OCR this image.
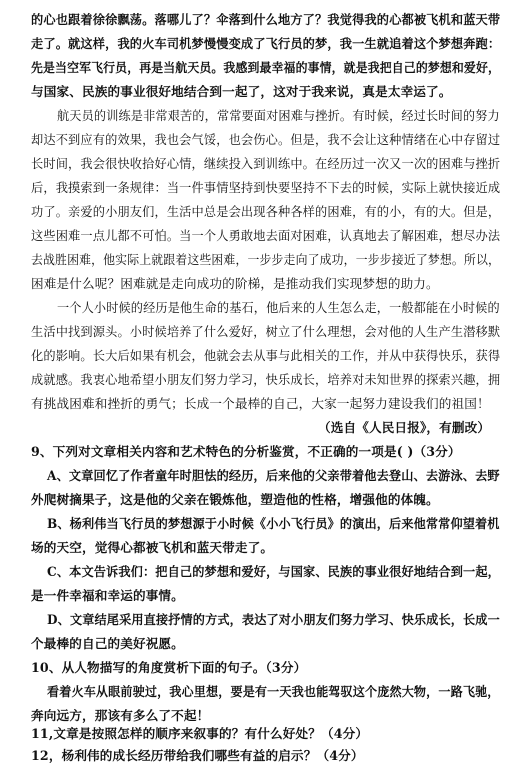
的心也跟着徐徐飘荡。落哪儿了？伞落到什么地方了？我觉得我的心都被飞机和蓝天带
走了。就这样，我的火车司机梦慢慢变成了飞行员的梦，我一生就追着这个梦想奔跑：
先是当空军飞行员，再是当航天员。我感到最幸福的事情，就是我把自己的梦想和爱好，
与国家、民族的事业很好地结合到一起了，这对于我来说，真是太幸运了。
航天员的训练是非常艰苦的，常常要面对困难与挫折。有时候，经过长时间的努力
却达不到应有的效果，我也会气馁，也会伤心。但是，我不会让这种情绪在心中存留过
长时间，我会很快收拾好心情，继续投入到训练中。在经历过一次又一次的困难与挫折
后，我摸索到一条规律：当一件事情坚持到快要坚持不下去的时候，实际上就快接近成
功了。亲爱的小朋友们，生活中总是会出现各种各样的困难，有的小，有的大。但是，
这些困难一点儿都不可怕。当一个人勇敢地去面对困难，认真地去了解困难，想尽办法
去战胜困难，他实际上就跟着这些困难，一步步走向了成功，一步步接近了梦想。所以，
困难是什么呢？困难就是走向成功的阶梯，是推动我们实现梦想的助力。
一个人小时候的经历是他生命的基石，他后来的人生怎么走，一般都能在小时候的
生活中找到源头。小时候培养了什么爱好，树立了什么理想，会对他的人生产生潜移默
化的影响。长大后如果有机会，他就会去从事与此相关的工作，并从中获得快乐，获得
成就感。我衷心地希望小朋友们努力学习，快乐成长，培养对未知世界的探索兴趣，拥
有挑战困难和挫折的勇气；长成一个最棒的自己，大家一起努力建设我们的祖国！
（选自《人民日报》，有删改）
9、下列对文章相关内容和艺术特色的分析鉴赏，不正确的一项是( )（3分）
A、文章回忆了作者童年时胆怯的经历，后来他的父亲带着他去登山、去游泳、去野
外爬树摘果子，这是他的父亲在锻炼他，塑造他的性格，增强他的体魄。
B、杨利伟当飞行员的梦想源于小时候《小小飞行员》的演出，后来他常常仰望着机
场的天空，觉得心都被飞机和蓝天带走了。
C、本文告诉我们：把自己的梦想和爱好，与国家、民族的事业很好地结合到一起，
是一件幸福和幸运的事情。
D、文章结尾采用直接抒情的方式，表达了对小朋友们努力学习、快乐成长，长成一
个最棒的自己的美好祝愿。
10、从人物描写的角度赏析下面的句子。（3分）
看着火车从眼前驶过，我心里想，要是有一天我也能驾驭这个庞然大物，一路飞驰，
奔向远方，那该有多么了不起！
11,文章是按照怎样的顺序来叙事的？有什么好处？（4分）
12，杨利伟的成长经历带给我们哪些有益的启示？（4分）
